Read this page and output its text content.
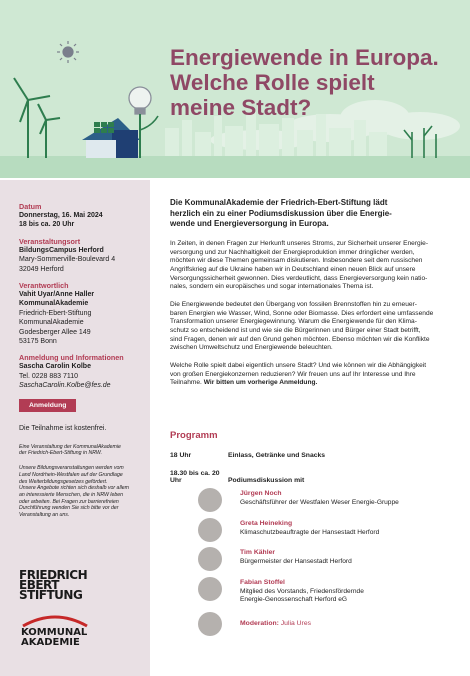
Energiewende in Europa.
Welche Rolle spielt
meine Stadt?
Datum
Donnerstag, 16. Mai 2024
18 bis ca. 20 Uhr
Veranstaltungsort
BildungsCampus Herford
Mary-Sommerville-Boulevard 4
32049 Herford
Verantwortlich
Vahit Uyar/Anne Haller
KommunalAkademie
Friedrich-Ebert-Stiftung
KommunalAkademie
Godesberger Allee 149
53175 Bonn
Anmeldung und Informationen
Sascha Carolin Kolbe
Tel. 0228 883 7110
SaschaCarolin.Kolbe@fes.de
Anmeldung
Die Teilnahme ist kostenfrei.
Eine Veranstaltung der KommunalAkademie
der Friedrich-Ebert-Stiftung in NRW.
Unsere Bildungsveranstaltungen werden vom
Land Nordrhein-Westfalen auf der Grundlage
des Weiterbildungsgesetzes gefördert.
Unsere Angebote richten sich deshalb vor allem
an interessierte Menschen, die in NRW leben
oder arbeiten. Bei Fragen zur barrierefreien
Durchführung wenden Sie sich bitte vor der
Veranstaltung an uns.
FRIEDRICH
EBERT
STIFTUNG
KOMMUNAL
AKADEMIE
Die KommunalAkademie der Friedrich-Ebert-Stiftung lädt
herzlich ein zu einer Podiumsdiskussion über die Energie-
wende und Energieversorgung in Europa.
In Zeiten, in denen Fragen zur Herkunft unseres Stroms, zur Sicherheit unserer Energie-
versorgung und zur Nachhaltigkeit der Energieproduktion immer dringlicher werden,
möchten wir diese Themen gemeinsam diskutieren. Insbesondere seit dem russischen
Angriffskrieg auf die Ukraine haben wir in Deutschland einen neuen Blick auf unsere
Versorgungssicherheit gewonnen. Dies verdeutlicht, dass Energieversorgung kein natio-
nales, sondern ein europäisches und sogar internationales Thema ist.
Die Energiewende bedeutet den Übergang von fossilen Brennstoffen hin zu erneuer-
baren Energien wie Wasser, Wind, Sonne oder Biomasse. Dies erfordert eine umfassende
Transformation unserer Energiegewinnung. Warum die Energiewende für den Klima-
schutz so entscheidend ist und wie sie die Bürgerinnen und Bürger einer Stadt betrifft,
sind Fragen, denen wir auf den Grund gehen möchten. Ebenso möchten wir die Konflikte
zwischen Umweltschutz und Energiewende beleuchten.
Welche Rolle spielt dabei eigentlich unsere Stadt? Und wie können wir die Abhängigkeit
von großen Energiekonzernen reduzieren? Wir freuen uns auf Ihr Interesse und Ihre
Teilnahme. Wir bitten um vorherige Anmeldung.
Programm
18 Uhr	Einlass, Getränke und Snacks
18.30 bis ca. 20 Uhr	Podiumsdiskussion mit
Jürgen Noch
Geschäftsführer der Westfalen Weser Energie-Gruppe
Greta Heineking
Klimaschutzbeauftragte der Hansestadt Herford
Tim Kähler
Bürgermeister der Hansestadt Herford
Fabian Stoffel
Mitglied des Vorstands, Friedensfördernde
Energie-Genossenschaft Herford eG
Moderation: Julia Ures
